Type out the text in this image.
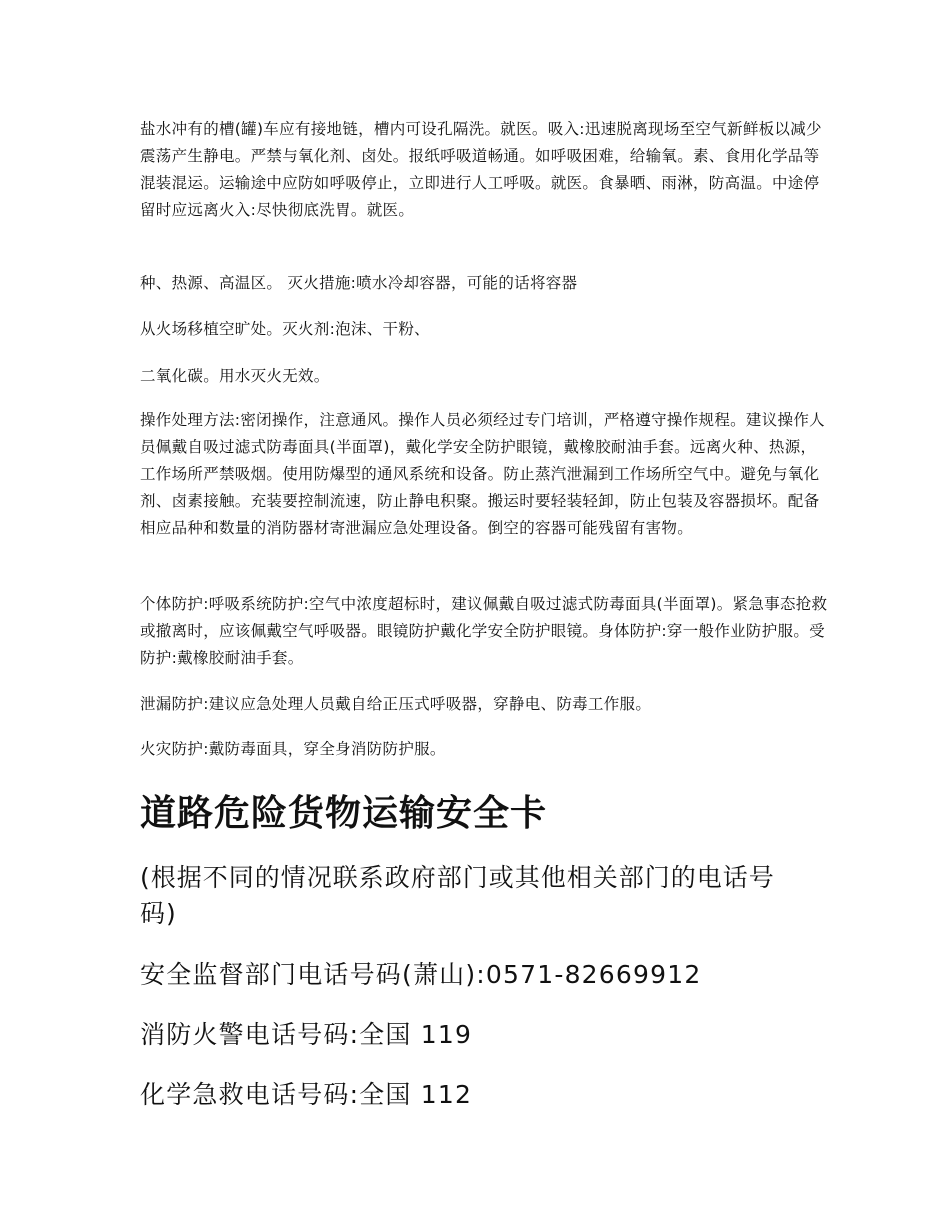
盐水冲有的槽(罐)车应有接地链，槽内可设孔隔洗。就医。吸入:迅速脱离现场至空气新鲜板以减少震荡产生静电。严禁与氧化剂、卤处。报纸呼吸道畅通。如呼吸困难，给输氧。素、食用化学品等混装混运。运输途中应防如呼吸停止，立即进行人工呼吸。就医。食暴晒、雨淋，防高温。中途停留时应远离火入:尽快彻底洗胃。就医。

种、热源、高温区。 灭火措施:喷水冷却容器，可能的话将容器

从火场移植空旷处。灭火剂:泡沫、干粉、

二氧化碳。用水灭火无效。

操作处理方法:密闭操作，注意通风。操作人员必须经过专门培训，严格遵守操作规程。建议操作人员佩戴自吸过滤式防毒面具(半面罩)，戴化学安全防护眼镜，戴橡胶耐油手套。远离火种、热源，工作场所严禁吸烟。使用防爆型的通风系统和设备。防止蒸汽泄漏到工作场所空气中。避免与氧化剂、卤素接触。充装要控制流速，防止静电积聚。搬运时要轻装轻卸，防止包装及容器损坏。配备相应品种和数量的消防器材寄泄漏应急处理设备。倒空的容器可能残留有害物。

个体防护:呼吸系统防护:空气中浓度超标时，建议佩戴自吸过滤式防毒面具(半面罩)。紧急事态抢救或撤离时，应该佩戴空气呼吸器。眼镜防护戴化学安全防护眼镜。身体防护:穿一般作业防护服。受防护:戴橡胶耐油手套。

泄漏防护:建议应急处理人员戴自给正压式呼吸器，穿静电、防毒工作服。

火灾防护:戴防毒面具，穿全身消防防护服。

道路危险货物运输安全卡

(根据不同的情况联系政府部门或其他相关部门的电话号码)

安全监督部门电话号码(萧山):0571-82669912

消防火警电话号码:全国 119

化学急救电话号码:全国 112
